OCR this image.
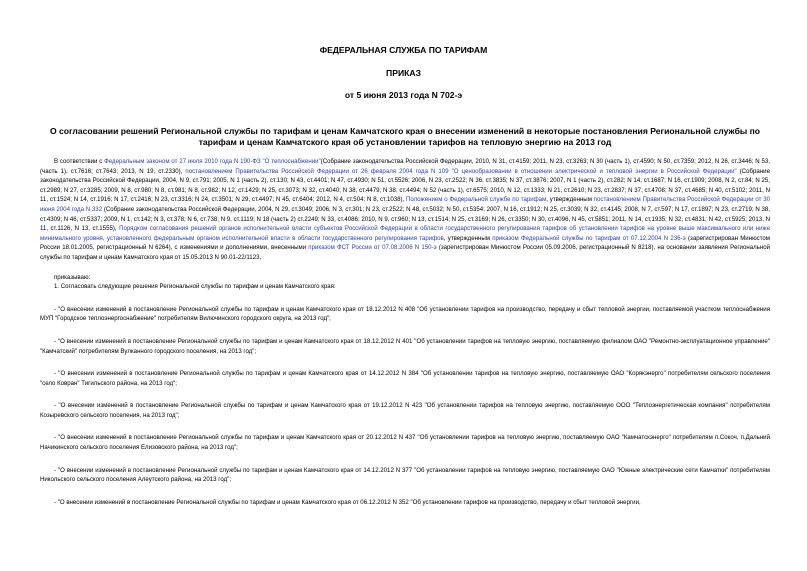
ФЕДЕРАЛЬНАЯ СЛУЖБА ПО ТАРИФАМ
ПРИКАЗ
от 5 июня 2013 года N 702-э
О согласовании решений Региональной службы по тарифам и ценам Камчатского края о внесении изменений в некоторые постановления Региональной службы по тарифам и ценам Камчатского края об установлении тарифов на тепловую энергию на 2013 год

В соответствии с Федеральным законом от 27 июля 2010 года N 190-ФЗ "О теплоснабжении"(Собрание законодательства Российской Федерации, 2010, N 31, ст.4159; 2011, N 23, ст.3263; N 30 (часть 1), ст.4590; N 50, ст.7359; 2012, N 26, ст.3446; N 53, (часть 1), ст.7616; ст.7643; 2013, N 19, ст.2330), постановлением Правительства Российской Федерации от 26 февраля 2004 года N 109 "О ценообразовании в отношении электрической и тепловой энергии в Российской Федерации" (Собрание законодательства Российской Федерации, 2004, N 9, ст.791; 2005, N 1 (часть 2), ст.130; N 43, ст.4401; N 47, ст.4930; N 51, ст.5526; 2006, N 23, ст.2522; N 36, ст.3835; N 37, ст.3876; 2007, N 1 (часть 2), ст.282; N 14, ст.1687; N 16, ст.1909; 2008, N 2, ст.84; N 25, ст.2989; N 27, ст.3285; 2009, N 8, ст.980; N 8, ст.981; N 8, ст.982; N 12, ст.1429; N 25, ст.3073; N 32, ст.4040; N 38, ст.4479; N 38, ст.4494; N 52 (часть 1), ст.6575; 2010, N 12, ст.1333; N 21, ст.2610; N 23, ст.2837; N 37, ст.4708; N 37, ст.4685; N 40, ст.5102; 2011, N 11, ст.1524; N 14, ст.1916; N 17, ст.2416; N 23, ст.3316; N 24, ст.3501; N 29, ст.4497; N 45, ст.6404; 2012, N 4, ст.504; N 8, ст.1038), Положением о Федеральной службе по тарифам, утвержденным постановлением Правительства Российской Федерации от 30 июня 2004 года N 332 (Собрание законодательства Российской Федерации, 2004, N 29, ст.3049; 2006, N 3, ст.301; N 23, ст.2522; N 48, ст.5032; N 50, ст.5354; 2007, N 16, ст.1912; N 25, ст.3039; N 32, ст.4145; 2008, N 7, ст.597; N 17, ст.1897; N 23, ст.2719; N 38, ст.4309; N 46, ст.5337; 2009, N 1, ст.142; N 3, ст.378; N 6, ст.738; N 9, ст.1119; N 18 (часть 2) ст.2249; N 33, ст.4086; 2010, N 9, ст.960; N 13, ст.1514; N 25, ст.3169; N 26, ст.3350; N 30, ст.4096, N 45, ст.5851; 2011, N 14, ст.1935; N 32, ст.4831; N 42, ст.5925; 2013, N 11, ст.1126, N 13, ст.1555), Порядком согласования решений органов исполнительной власти субъектов Российской Федерации в области государственного регулирования тарифов об установлении тарифов на уровне выше максимального или ниже минимального уровня, установленного федеральным органом исполнительной власти в области государственного регулирования тарифов, утвержденным приказом Федеральной службы по тарифам от 07.12.2004 N 236-э (зарегистрирован Минюстом России 18.01.2005, регистрационный N 6264), с изменениями и дополнениями, внесенными приказом ФСТ России от 07.08.2006 N 150-э (зарегистрирован Минюстом России 05.09.2006, регистрационный N 8218), на основании заявления Региональной службы по тарифам и ценам Камчатского края от 15.05.2013 N 90.01-22/1123,

приказываю:

1. Согласовать следующие решения Региональной службы по тарифам и ценам Камчатского края:

- "О внесении изменений в постановление Региональной службы по тарифам и ценам Камчатского края от 18.12.2012 N 408 "Об установлении тарифов на производство, передачу и сбыт тепловой энергии, поставляемой участком теплоснабжения МУП "Городское теплоэнергоснабжение" потребителям Вилючинского городского округа, на 2013 год";

- "О внесении изменений в постановление Региональной службы по тарифам и ценам Камчатского края от 18.12.2012 N 401 "Об установлении тарифов на тепловую энергию, поставляемую филиалом ОАО "Ремонтно-эксплуатационное управление" "Камчатский" потребителям Вулканного городского поселения, на 2013 год";

- "О внесении изменений в постановление Региональной службы по тарифам и ценам Камчатского края от 14.12.2012 N 384 "Об установлении тарифов на тепловую энергию, поставляемую ОАО "Корякэнерго" потребителям сельского поселения "село Ковран" Тигильского района, на 2013 год";

- "О внесении изменений в постановление Региональной службы по тарифам и ценам Камчатского края от 19.12.2012 N 423 "Об установлении тарифов на тепловую энергию, поставляемую ООО "Теплоэнергетическая компания" потребителям Козыревского сельского поселения, на 2013 год";

- "О внесении изменений в постановление Региональной службы по тарифам и ценам Камчатского края от 20.12.2012 N 437 "Об установлении тарифов на тепловую энергию, поставляемую ОАО "Камчатскэнерго" потребителям п.Сокоч, п.Дальний Начикинского сельского поселения Елизовского района, на 2013 год";

- "О внесении изменений в постановление Региональной службы по тарифам и ценам Камчатского края от 14.12.2012 N 377 "Об установлении тарифов на тепловую энергию, поставляемую ОАО "Южные электрические сети Камчатки" потребителям Никольского сельского поселения Алеутского района, на 2013 год";

- "О внесении изменений в постановление Региональной службы по тарифам и ценам Камчатского края от 06.12.2012 N 352 "Об установлении тарифов на производство, передачу и сбыт тепловой энергии,
